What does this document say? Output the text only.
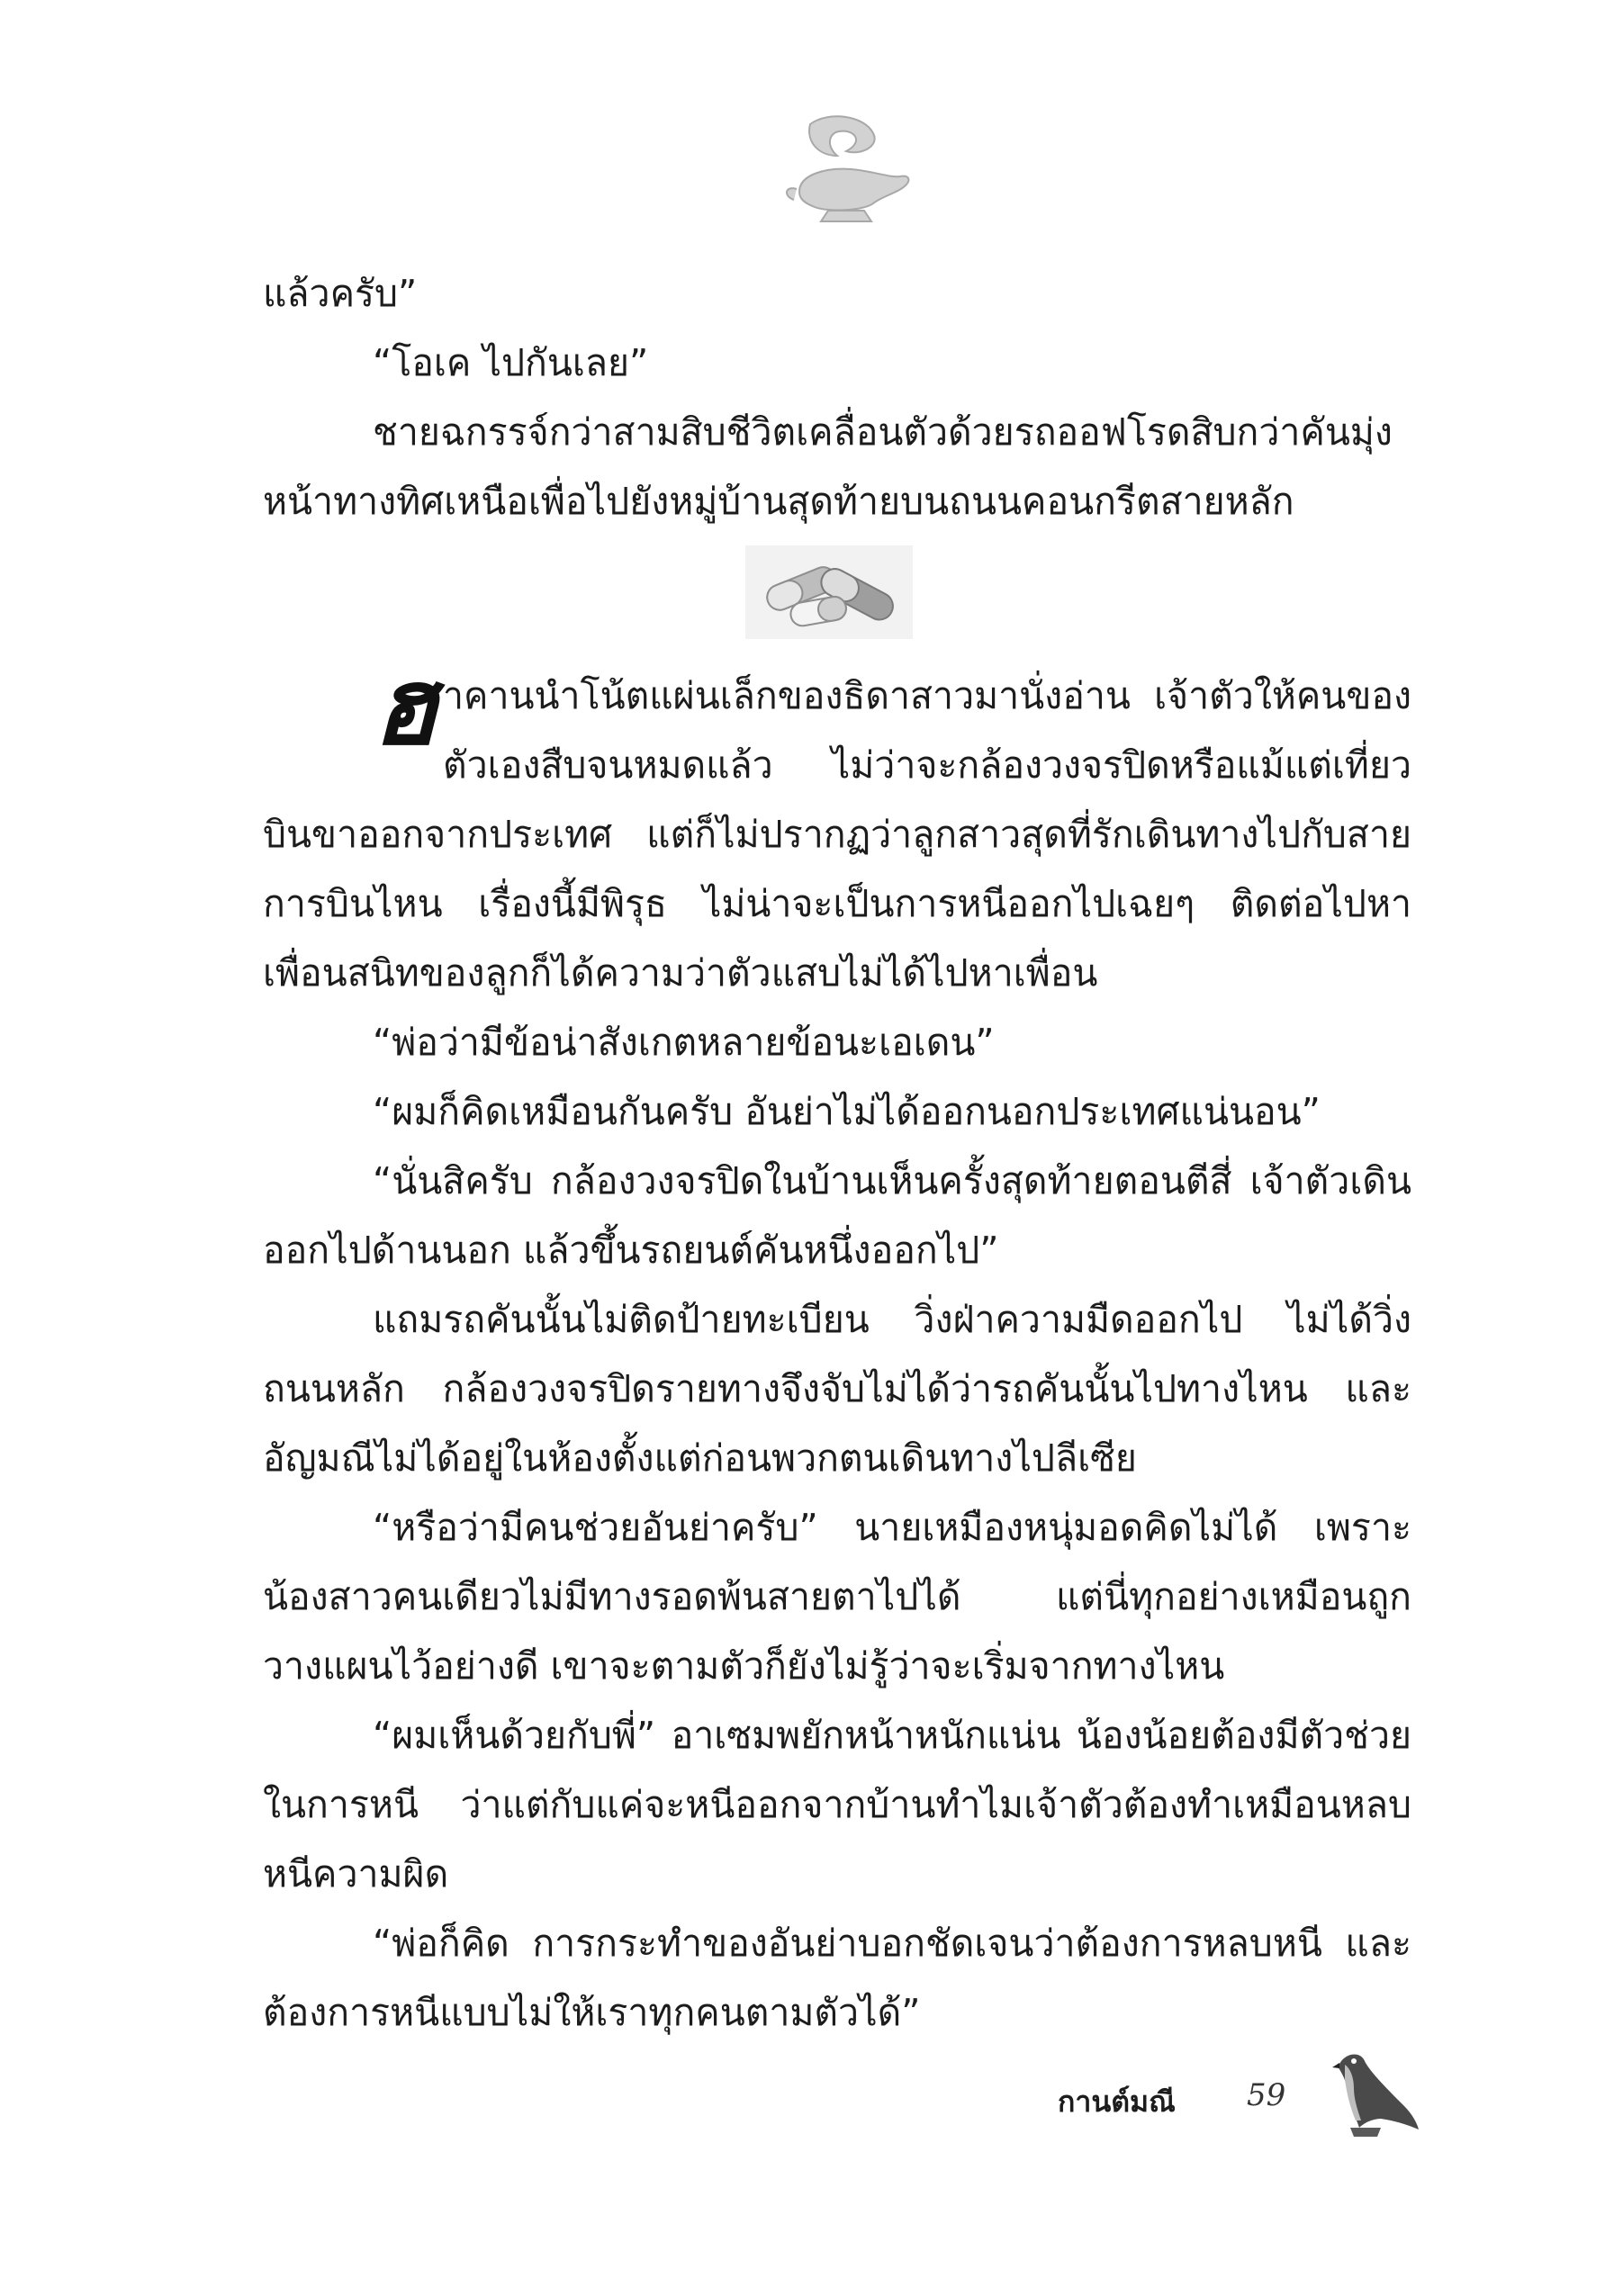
แล้วครับ”

“โอเค ไปกันเลย”

ชายฉกรรจ์กว่าสามสิบชีวิตเคลื่อนตัวด้วยรถออฟโรดสิบกว่าคันมุ่งหน้าทางทิศเหนือเพื่อไปยังหมู่บ้านสุดท้ายบนถนนคอนกรีตสายหลัก

ฮาคานนำโน้ตแผ่นเล็กของธิดาสาวมานั่งอ่าน เจ้าตัวให้คนของตัวเองสืบจนหมดแล้ว ไม่ว่าจะกล้องวงจรปิดหรือแม้แต่เที่ยวบินขาออกจากประเทศ แต่ก็ไม่ปรากฏว่าลูกสาวสุดที่รักเดินทางไปกับสายการบินไหน เรื่องนี้มีพิรุธ ไม่น่าจะเป็นการหนีออกไปเฉยๆ ติดต่อไปหาเพื่อนสนิทของลูกก็ได้ความว่าตัวแสบไม่ได้ไปหาเพื่อน

“พ่อว่ามีข้อน่าสังเกตหลายข้อนะเอเดน”

“ผมก็คิดเหมือนกันครับ อันย่าไม่ได้ออกนอกประเทศแน่นอน”

“นั่นสิครับ กล้องวงจรปิดในบ้านเห็นครั้งสุดท้ายตอนตีสี่ เจ้าตัวเดินออกไปด้านนอก แล้วขึ้นรถยนต์คันหนึ่งออกไป”

แถมรถคันนั้นไม่ติดป้ายทะเบียน วิ่งฝ่าความมืดออกไป ไม่ได้วิ่งถนนหลัก กล้องวงจรปิดรายทางจึงจับไม่ได้ว่ารถคันนั้นไปทางไหน และอัญมณีไม่ได้อยู่ในห้องตั้งแต่ก่อนพวกตนเดินทางไปลีเซีย

“หรือว่ามีคนช่วยอันย่าครับ” นายเหมืองหนุ่มอดคิดไม่ได้ เพราะน้องสาวคนเดียวไม่มีทางรอดพ้นสายตาไปได้ แต่นี่ทุกอย่างเหมือนถูกวางแผนไว้อย่างดี เขาจะตามตัวก็ยังไม่รู้ว่าจะเริ่มจากทางไหน

“ผมเห็นด้วยกับพี่” อาเซมพยักหน้าหนักแน่น น้องน้อยต้องมีตัวช่วยในการหนี ว่าแต่กับแค่จะหนีออกจากบ้านทำไมเจ้าตัวต้องทำเหมือนหลบหนีความผิด

“พ่อก็คิด การกระทำของอันย่าบอกชัดเจนว่าต้องการหลบหนี และต้องการหนีแบบไม่ให้เราทุกคนตามตัวได้”

กานต์มณี 59
